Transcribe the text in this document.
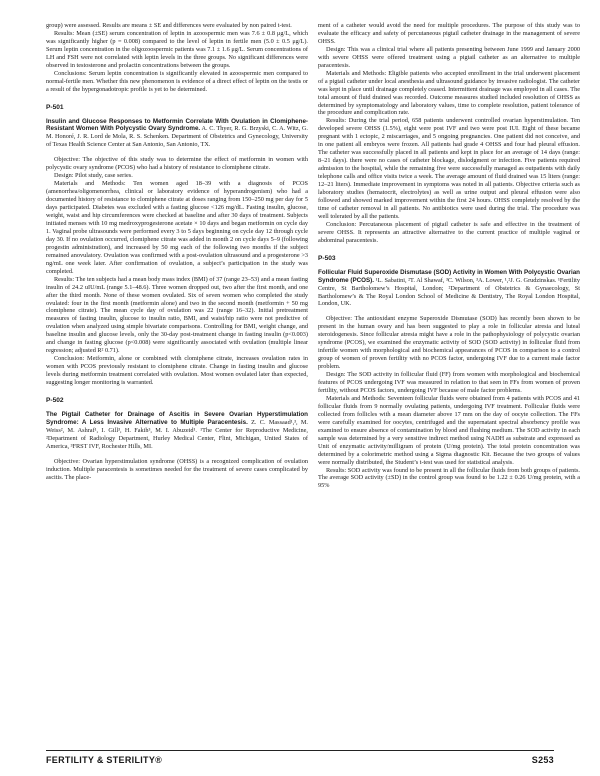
group) were assessed. Results are means ± SE and differences were evaluated by non paired t-test.

Results: Mean (±SE) serum concentration of leptin in azoospermic men was 7.6 ± 0.8 μg/L, which was significantly higher (p = 0.008) compared to the level of leptin in fertile men (5.0 ± 0.5 μg/L). Serum leptin concentration in the oligozoospermic patients was 7.1 ± 1.6 μg/L. Serum concentrations of LH and FSH were not correlated with leptin levels in the three groups. No significant differences were observed in testosterone and prolactin concentrations between the groups.

Conclusions: Serum leptin concentration is significantly elevated in azoospermic men compared to normal-fertile men. Whether this new phenomenon is evidence of a direct effect of leptin on the testis or a result of the hypergonadotropic profile is yet to be determined.

P-501

Insulin and Glucose Responses to Metformin Correlate With Ovulation in Clomiphene-Resistant Women With Polycystic Ovary Syndrome. A. C. Thyer, R. G. Brzyski, C. A. Witz, G. M. Honoré, J. R. Lord de Mola, R. S. Schenken. Department of Obstetrics and Gynecology, University of Texas Health Science Center at San Antonio, San Antonio, TX.

Objective: The objective of this study was to determine the effect of metformin in women with polycystic ovary syndrome (PCOS) who had a history of resistance to clomiphene citrate.

Design: Pilot study, case series.

Materials and Methods: Ten women aged 18–39 with a diagnosis of PCOS (amenorrhea/oligomenorrhea, clinical or laboratory evidence of hyperandrogenism) who had a documented history of resistance to clomiphene citrate at doses ranging from 150–250 mg per day for 5 days participated. Diabetes was excluded with a fasting glucose <126 mg/dL. Fasting insulin, glucose, weight, waist and hip circumferences were checked at baseline and after 30 days of treatment. Subjects initiated menses with 10 mg medroxyprogesterone acetate × 10 days and began metformin on cycle day 1. Vaginal probe ultrasounds were performed every 3 to 5 days beginning on cycle day 12 through cycle day 30. If no ovulation occurred, clomiphene citrate was added in month 2 on cycle days 5–9 (following progestin administration), and increased by 50 mg each of the following two months if the subject remained anovulatory. Ovulation was confirmed with a post-ovulation ultrasound and a progesterone >3 ng/mL one week later. After confirmation of ovulation, a subject’s participation in the study was completed.

Results: The ten subjects had a mean body mass index (BMI) of 37 (range 23–53) and a mean fasting insulin of 24.2 uIU/mL (range 5.1–48.6). Three women dropped out, two after the first month, and one after the third month. None of these women ovulated. Six of seven women who completed the study ovulated: four in the first month (metformin alone) and two in the second month (metformin + 50 mg clomiphene citrate). The mean cycle day of ovulation was 22 (range 16–32). Initial pretreatment measures of fasting insulin, glucose to insulin ratio, BMI, and waist/hip ratio were not predictive of ovulation when analyzed using simple bivariate comparisons. Controlling for BMI, weight change, and baseline insulin and glucose levels, only the 30-day post-treatment change in fasting insulin (p<0.003) and change in fasting glucose (p<0.008) were significantly associated with ovulation (multiple linear regression; adjusted R² 0.71).

Conclusion: Metformin, alone or combined with clomiphene citrate, increases ovulation rates in women with PCOS previously resistant to clomiphene citrate. Change in fasting insulin and glucose levels during metformin treatment correlated with ovulation. Most women ovulated later than expected, suggesting longer monitoring is warranted.

P-502

The Pigtail Catheter for Drainage of Ascitis in Severe Ovarian Hyperstimulation Syndrome: A Less Invasive Alternative to Multiple Paracentesis. Z. C. Massaad¹,³, M. Weiss², M. Ashraf¹, I. Gill³, H. Fakih³, M. I. Abuzeid¹. ¹The Center for Reproductive Medicine, ²Department of Radiology Department, Hurley Medical Center, Flint, Michigan, United States of America, ³FRST IVF, Rochester Hills, MI.

Objective: Ovarian hyperstimulation syndrome (OHSS) is a recognized complication of ovulation induction. Multiple paracentesis is sometimes needed for the treatment of severe cases complicated by ascitis. The place-

ment of a catheter would avoid the need for multiple procedures. The purpose of this study was to evaluate the efficacy and safety of percutaneous pigtail catheter drainage in the management of severe OHSS.

Design: This was a clinical trial where all patients presenting between June 1999 and January 2000 with severe OHSS were offered treatment using a pigtail catheter as an alternative to multiple paracentesis.

Materials and Methods: Eligible patients who accepted enrollment in the trial underwent placement of a pigtail catheter under local anesthesia and ultrasound guidance by invasive radiologist. The catheter was kept in place until drainage completely ceased. Intermittent drainage was employed in all cases. The total amount of fluid drained was recorded. Outcome measures studied included resolution of OHSS as determined by symptomatology and laboratory values, time to complete resolution, patient tolerance of the procedure and complication rate.

Results: During the trial period, 658 patients underwent controlled ovarian hyperstimulation. Ten developed severe OHSS (1.5%), eight were post IVF and two were post IUI. Eight of these became pregnant with 1 ectopic, 2 miscarriages, and 5 ongoing pregnancies. One patient did not conceive, and in one patient all embryos were frozen. All patients had grade 4 OHSS and four had pleural effusion. The catheter was successfully placed in all patients and kept in place for an average of 14 days (range: 8–21 days). there were no cases of catheter blockage, dislodgment or infection. Five patients required admission to the hospital, while the remaining five were successfully managed as outpatients with daily telephone calls and office visits twice a week. The average amount of fluid drained was 15 liters (range: 12–21 liters). Immediate improvement in symptoms was noted in all patients. Objective criteria such as laboratory studies (hematocrit, electrolytes) as well as urine output and pleural effusion were also followed and showed marked improvement within the first 24 hours. OHSS completely resolved by the time of catheter removal in all patients. No antibiotics were used during the trial. The procedure was well tolerated by all the patients.

Conclusion: Percutaneous placement of pigtail catheter is safe and effective in the treatment of severe OHSS. It represents an attractive alternative to the current practice of multiple vaginal or abdominal paracentesis.

P-503

Follicular Fluid Superoxide Dismutase (SOD) Activity in Women With Polycystic Ovarian Syndrome (PCOS). ¹L. Sabatini, ²T. Al Shawaf, ³C. Wilson, ³A. Lower, ¹,²J. G. Grudzinskas. ¹Fertility Centre, St Bartholomew’s Hospital, London; ²Department of Obstetrics & Gynaecology, St Bartholomew’s & The Royal London School of Medicine & Dentistry, The Royal London Hospital, London, UK.

Objective: The antioxidant enzyme Superoxide Dismutase (SOD) has recently been shown to be present in the human ovary and has been suggested to play a role in follicular atresia and luteal steroidogenesis. Since follicular atresia might have a role in the pathophysiology of polycystic ovarian syndrome (PCOS), we examined the enzymatic activity of SOD (SOD activity) in follicular fluid from infertile women with morphological and biochemical appearances of PCOS in comparison to a control group of women of proven fertility with no PCOS factor, undergoing IVF due to a current male factor problem.

Design: The SOD activity in follicular fluid (FF) from women with morphological and biochemical features of PCOS undergoing IVF was measured in relation to that seen in FFs from women of proven fertility, without PCOS factors, undergoing IVF because of male factor problems.

Materials and Methods: Seventeen follicular fluids were obtained from 4 patients with PCOS and 41 follicular fluids from 9 normally ovulating patients, undergoing IVF treatment. Follicular fluids were collected from follicles with a mean diameter above 17 mm on the day of oocyte collection. The FFs were carefully examined for oocytes, centrifuged and the supernatant spectral absorbency profile was examined to ensure absence of contamination by blood and flushing medium. The SOD activity in each sample was determined by a very sensitive indirect method using NADH as substrate and expressed as Unit of enzymatic activity/milligram of protein (U/mg protein). The total protein concentration was determined by a colorimetric method using a Sigma diagnostic Kit. Because the two groups of values were normally distributed, the Student’s t-test was used for statistical analysis.

Results: SOD activity was found to be present in all the follicular fluids from both groups of patients. The average SOD activity (±SD) in the control group was found to be 1.22 ± 0.26 U/mg protein, with a 95%

FERTILITY & STERILITY®	S253
